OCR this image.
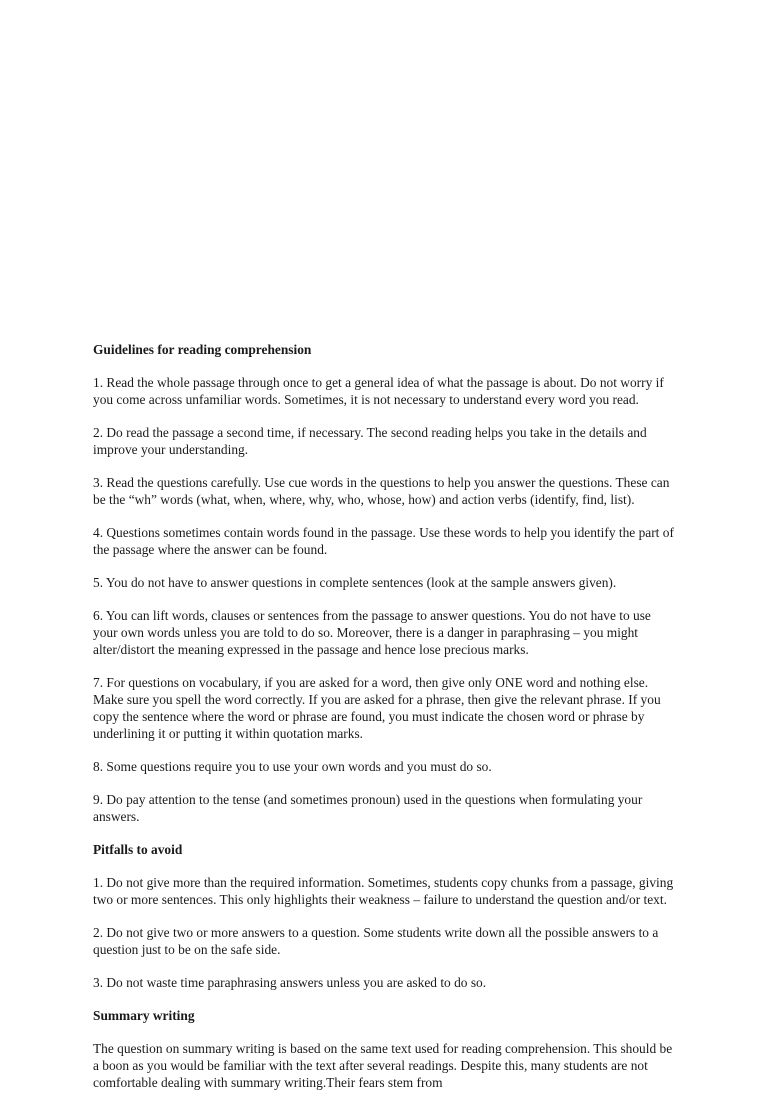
Guidelines for reading comprehension

1. Read the whole passage through once to get a general idea of what the passage is about. Do not worry if you come across unfamiliar words. Sometimes, it is not necessary to understand every word you read.

2. Do read the passage a second time, if necessary. The second reading helps you take in the details and improve your understanding.

3. Read the questions carefully. Use cue words in the questions to help you answer the questions. These can be the “wh” words (what, when, where, why, who, whose, how) and action verbs (identify, find, list).

4. Questions sometimes contain words found in the passage. Use these words to help you identify the part of the passage where the answer can be found.

5. You do not have to answer questions in complete sentences (look at the sample answers given).

6. You can lift words, clauses or sentences from the passage to answer questions. You do not have to use your own words unless you are told to do so. Moreover, there is a danger in paraphrasing – you might alter/distort the meaning expressed in the passage and hence lose precious marks.

7. For questions on vocabulary, if you are asked for a word, then give only ONE word and nothing else. Make sure you spell the word correctly. If you are asked for a phrase, then give the relevant phrase. If you copy the sentence where the word or phrase are found, you must indicate the chosen word or phrase by underlining it or putting it within quotation marks.

8. Some questions require you to use your own words and you must do so.

9. Do pay attention to the tense (and sometimes pronoun) used in the questions when formulating your answers.

Pitfalls to avoid

1. Do not give more than the required information. Sometimes, students copy chunks from a passage, giving two or more sentences. This only highlights their weakness – failure to understand the question and/or text.

2. Do not give two or more answers to a question. Some students write down all the possible answers to a question just to be on the safe side.

3. Do not waste time paraphrasing answers unless you are asked to do so.

Summary writing

The question on summary writing is based on the same text used for reading comprehension. This should be a boon as you would be familiar with the text after several readings. Despite this, many students are not comfortable dealing with summary writing.Their fears stem from
